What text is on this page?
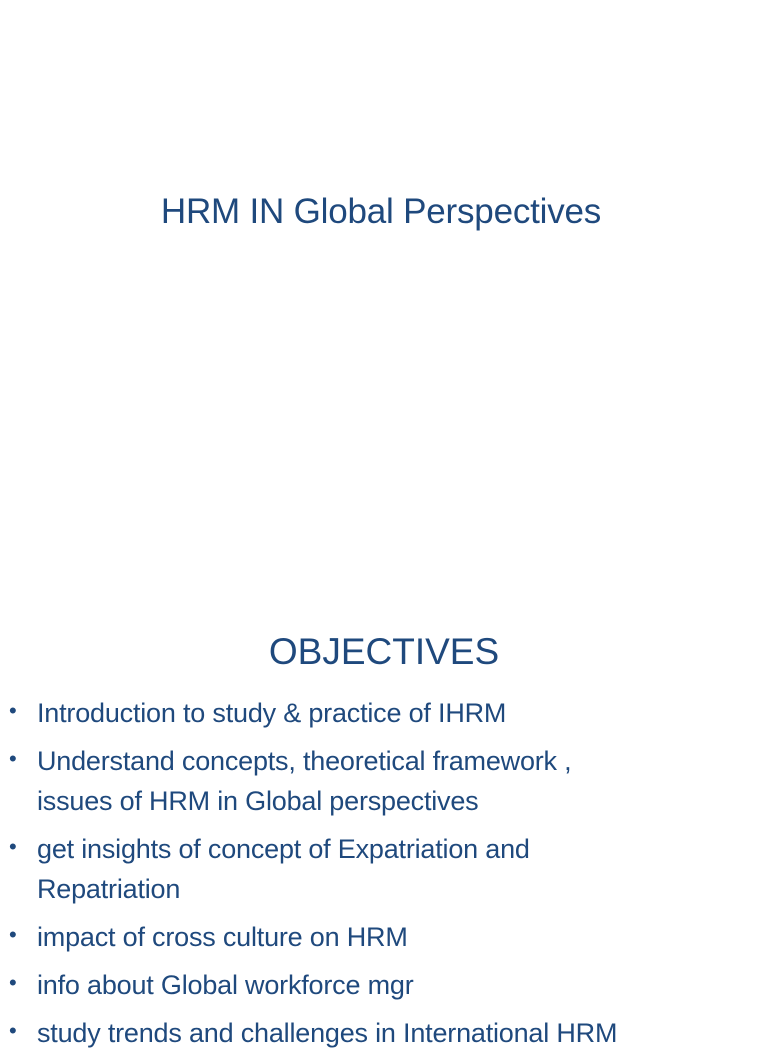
HRM IN Global Perspectives
OBJECTIVES
• Introduction to study & practice of IHRM
• Understand concepts, theoretical framework ,
issues of HRM in Global perspectives
• get insights of concept of Expatriation and
Repatriation
• impact of cross culture on HRM
• info about Global workforce mgr
• study trends and challenges in International HRM
